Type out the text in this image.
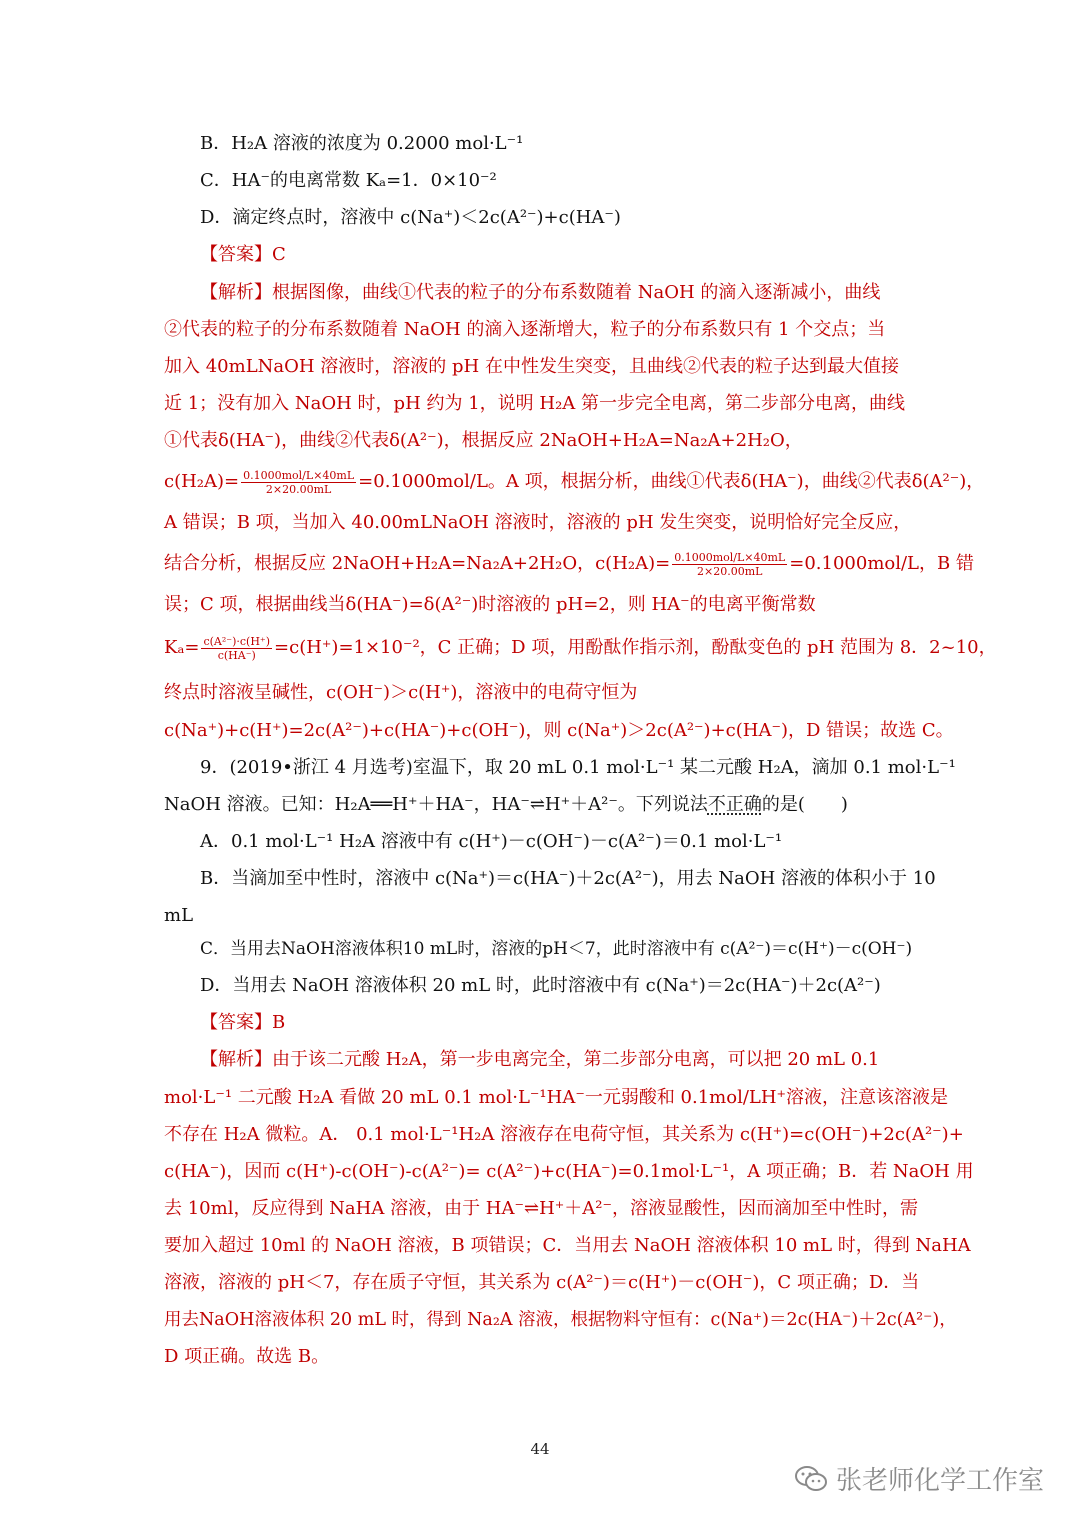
B．H₂A 溶液的浓度为 0.2000 mol·L⁻¹
C．HA⁻的电离常数 Kₐ=1．0×10⁻²
D．滴定终点时，溶液中 c(Na⁺)＜2c(A²⁻)+c(HA⁻)
【答案】C
【解析】根据图像，曲线①代表的粒子的分布系数随着 NaOH 的滴入逐渐减小，曲线
②代表的粒子的分布系数随着 NaOH 的滴入逐渐增大，粒子的分布系数只有 1 个交点；当
加入 40mLNaOH 溶液时，溶液的 pH 在中性发生突变，且曲线②代表的粒子达到最大值接
近 1；没有加入 NaOH 时，pH 约为 1，说明 H₂A 第一步完全电离，第二步部分电离，曲线
①代表δ(HA⁻)，曲线②代表δ(A²⁻)，根据反应 2NaOH+H₂A=Na₂A+2H₂O，
$c(H_2A)= \frac{\text{0.1000mol/L×40mL}}{2\times 20.00mL} =0.1000mol/L$。A 项，根据分析，曲线①代表δ(HA⁻)，曲线②代表δ(A²⁻)，
A 错误；B 项，当加入 40.00mLNaOH 溶液时，溶液的 pH 发生突变，说明恰好完全反应，
结合分析，根据反应 2NaOH+H₂A=Na₂A+2H₂O，$c(H_2A)= \frac{\text{0.1000mol/L×40mL}}{2\times 20.00mL} =0.1000mol/L$，B 错
误；C 项，根据曲线当δ(HA⁻)=δ(A²⁻)时溶液的 pH=2，则 HA⁻的电离平衡常数
$K_a= \frac{\text{c(A²⁻)·c(H⁺)}}{c(HA^-)} =c(H^+)=1\times 10^{-2}$，C 正确；D 项，用酚酞作指示剂，酚酞变色的 pH 范围为 8．2~10，
终点时溶液呈碱性，c(OH⁻)＞c(H⁺)，溶液中的电荷守恒为
c(Na⁺)+c(H⁺)=2c(A²⁻)+c(HA⁻)+c(OH⁻)，则 c(Na⁺)＞2c(A²⁻)+c(HA⁻)，D 错误；故选 C。
9．(2019•浙江 4 月选考)室温下，取 20 mL 0.1 mol·L⁻¹ 某二元酸 H₂A，滴加 0.1 mol·L⁻¹
NaOH 溶液。已知：H₂A══H⁺＋HA⁻，HA⁻⇌H⁺＋A²⁻。下列说法不正确的是(　　)
A．0.1 mol·L⁻¹ H₂A 溶液中有 c(H⁺)－c(OH⁻)－c(A²⁻)＝0.1 mol·L⁻¹
B．当滴加至中性时，溶液中 c(Na⁺)＝c(HA⁻)＋2c(A²⁻)，用去 NaOH 溶液的体积小于 10
mL
C．当用去NaOH溶液体积10 mL时，溶液的pH＜7，此时溶液中有 c(A²⁻)＝c(H⁺)－c(OH⁻)
D．当用去 NaOH 溶液体积 20 mL 时，此时溶液中有 c(Na⁺)＝2c(HA⁻)＋2c(A²⁻)
【答案】B
【解析】由于该二元酸 H₂A，第一步电离完全，第二步部分电离，可以把 20 mL 0.1
mol·L⁻¹ 二元酸 H₂A 看做 20 mL 0.1 mol·L⁻¹HA⁻一元弱酸和 0.1mol/LH⁺溶液，注意该溶液是
不存在 H₂A 微粒。A． 0.1 mol·L⁻¹H₂A 溶液存在电荷守恒，其关系为 c(H⁺)=c(OH⁻)+2c(A²⁻)+
c(HA⁻)，因而 c(H⁺)-c(OH⁻)-c(A²⁻)= c(A²⁻)+c(HA⁻)=0.1mol·L⁻¹，A 项正确；B．若 NaOH 用
去 10ml，反应得到 NaHA 溶液，由于 HA⁻⇌H⁺＋A²⁻，溶液显酸性，因而滴加至中性时，需
要加入超过 10ml 的 NaOH 溶液，B 项错误；C．当用去 NaOH 溶液体积 10 mL 时，得到 NaHA
溶液，溶液的 pH＜7，存在质子守恒，其关系为 c(A²⁻)＝c(H⁺)－c(OH⁻)，C 项正确；D．当
用去NaOH溶液体积 20 mL 时，得到 Na₂A 溶液，根据物料守恒有：c(Na⁺)＝2c(HA⁻)＋2c(A²⁻)，
D 项正确。故选 B。
44
张老师化学工作室
